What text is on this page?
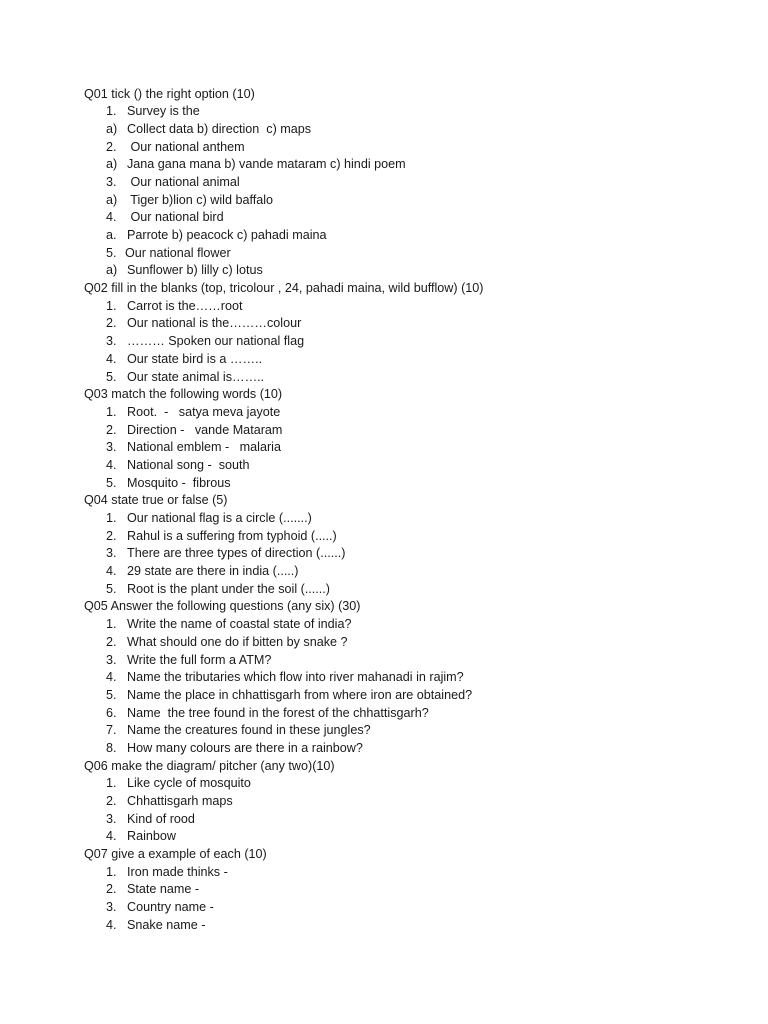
Q01 tick () the right option (10)
1. Survey is the
a) Collect data b) direction  c) maps
2. Our national anthem
a) Jana gana mana b) vande mataram c) hindi poem
3. Our national animal
a) Tiger b)lion c) wild baffalo
4. Our national bird
a. Parrote b) peacock c) pahadi maina
5. Our national flower
a) Sunflower b) lilly c) lotus
Q02 fill in the blanks (top, tricolour , 24, pahadi maina, wild bufflow) (10)
1. Carrot is the……root
2. Our national is the………colour
3. ……… Spoken our national flag
4. Our state bird is a ……..
5. Our state animal is……..
Q03 match the following words (10)
1. Root.  -   satya meva jayote
2. Direction -   vande Mataram
3. National emblem -   malaria
4. National song -  south
5. Mosquito -  fibrous
Q04 state true or false (5)
1. Our national flag is a circle (.......)
2. Rahul is a suffering from typhoid (.....)
3. There are three types of direction (......)
4. 29 state are there in india (.....)
5. Root is the plant under the soil (......)
Q05 Answer the following questions (any six) (30)
1. Write the name of coastal state of india?
2. What should one do if bitten by snake ?
3. Write the full form a ATM?
4. Name the tributaries which flow into river mahanadi in rajim?
5. Name the place in chhattisgarh from where iron are obtained?
6. Name  the tree found in the forest of the chhattisgarh?
7. Name the creatures found in these jungles?
8. How many colours are there in a rainbow?
Q06 make the diagram/ pitcher (any two)(10)
1. Like cycle of mosquito
2. Chhattisgarh maps
3. Kind of rood
4. Rainbow
Q07 give a example of each (10)
1. Iron made thinks -
2. State name -
3. Country name -
4. Snake name -
